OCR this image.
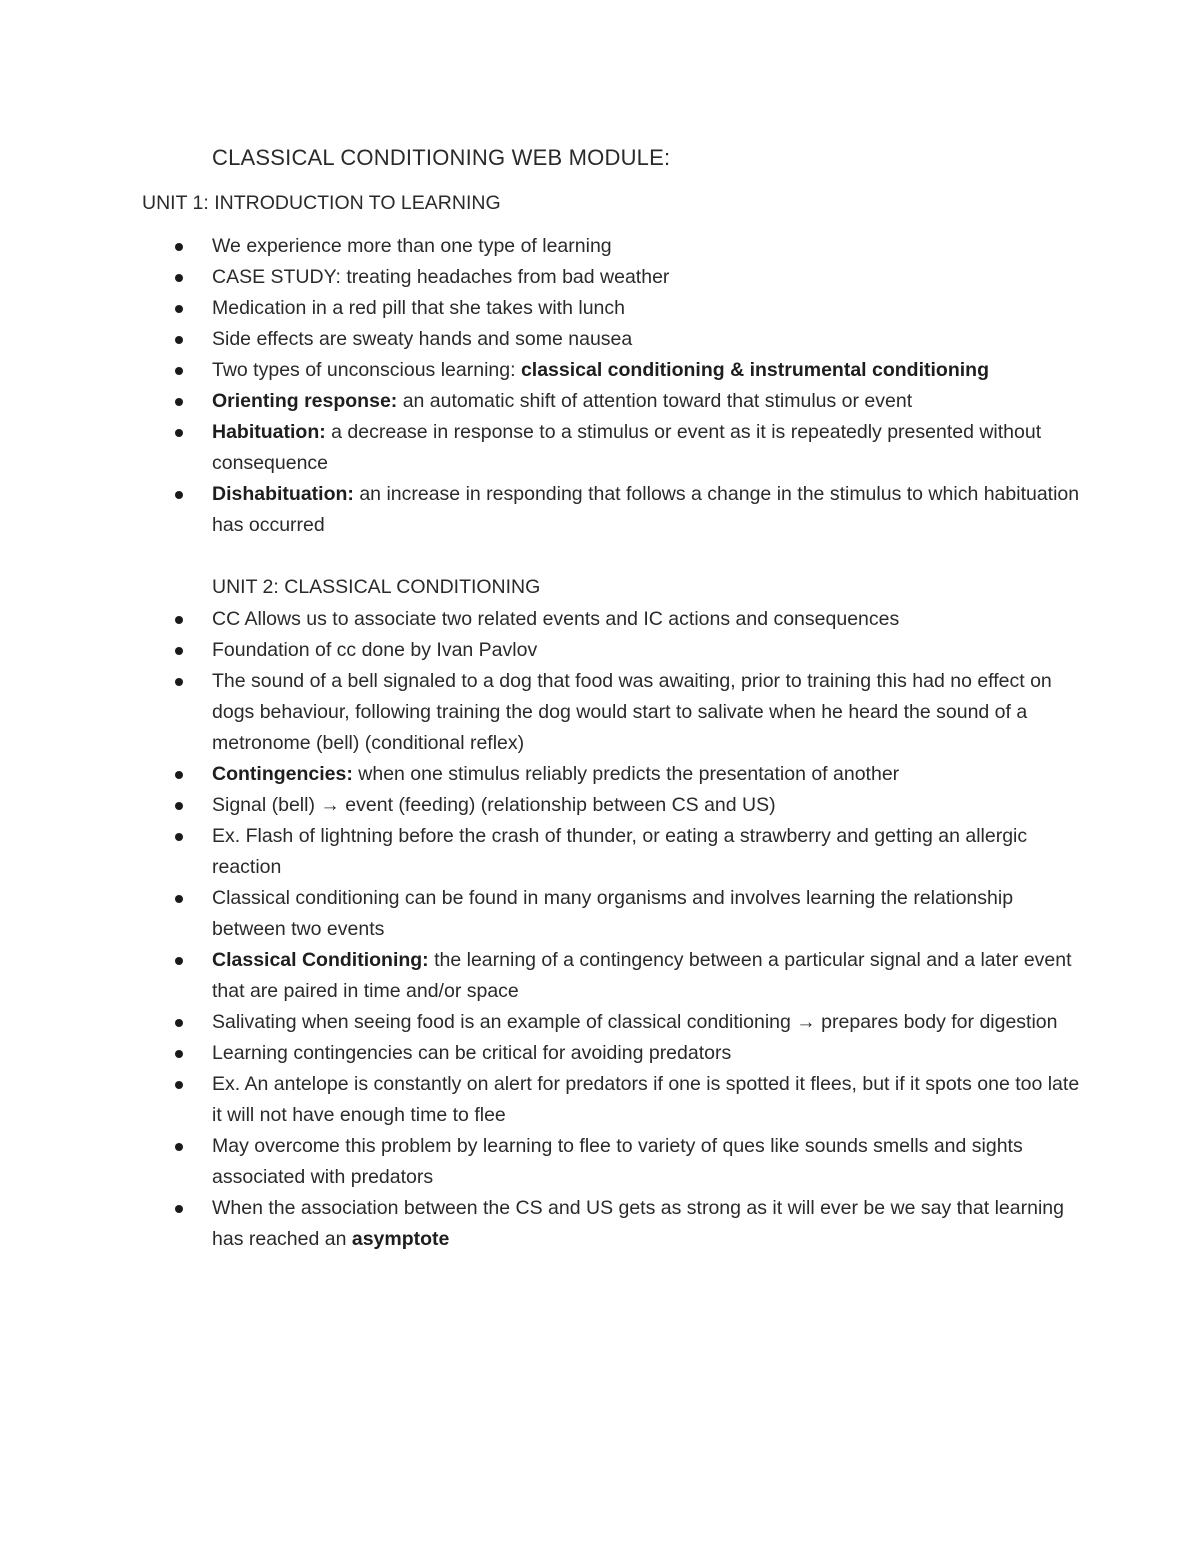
CLASSICAL CONDITIONING WEB MODULE:
UNIT 1: INTRODUCTION TO LEARNING
We experience more than one type of learning
CASE STUDY: treating headaches from bad weather
Medication in a red pill that she takes with lunch
Side effects are sweaty hands and some nausea
Two types of unconscious learning: classical conditioning & instrumental conditioning
Orienting response: an automatic shift of attention toward that stimulus or event
Habituation: a decrease in response to a stimulus or event as it is repeatedly presented without consequence
Dishabituation: an increase in responding that follows a change in the stimulus to which habituation has occurred
UNIT 2: CLASSICAL CONDITIONING
CC Allows us to associate two related events and IC actions and consequences
Foundation of cc done by Ivan Pavlov
The sound of a bell signaled to a dog that food was awaiting, prior to training this had no effect on dogs behaviour, following training the dog would start to salivate when he heard the sound of a metronome (bell) (conditional reflex)
Contingencies: when one stimulus reliably predicts the presentation of another
Signal (bell) → event (feeding) (relationship between CS and US)
Ex. Flash of lightning before the crash of thunder, or eating a strawberry and getting an allergic reaction
Classical conditioning can be found in many organisms and involves learning the relationship between two events
Classical Conditioning: the learning of a contingency between a particular signal and a later event that are paired in time and/or space
Salivating when seeing food is an example of classical conditioning → prepares body for digestion
Learning contingencies can be critical for avoiding predators
Ex. An antelope is constantly on alert for predators if one is spotted it flees, but if it spots one too late it will not have enough time to flee
May overcome this problem by learning to flee to variety of ques like sounds smells and sights associated with predators
When the association between the CS and US gets as strong as it will ever be we say that learning has reached an asymptote
